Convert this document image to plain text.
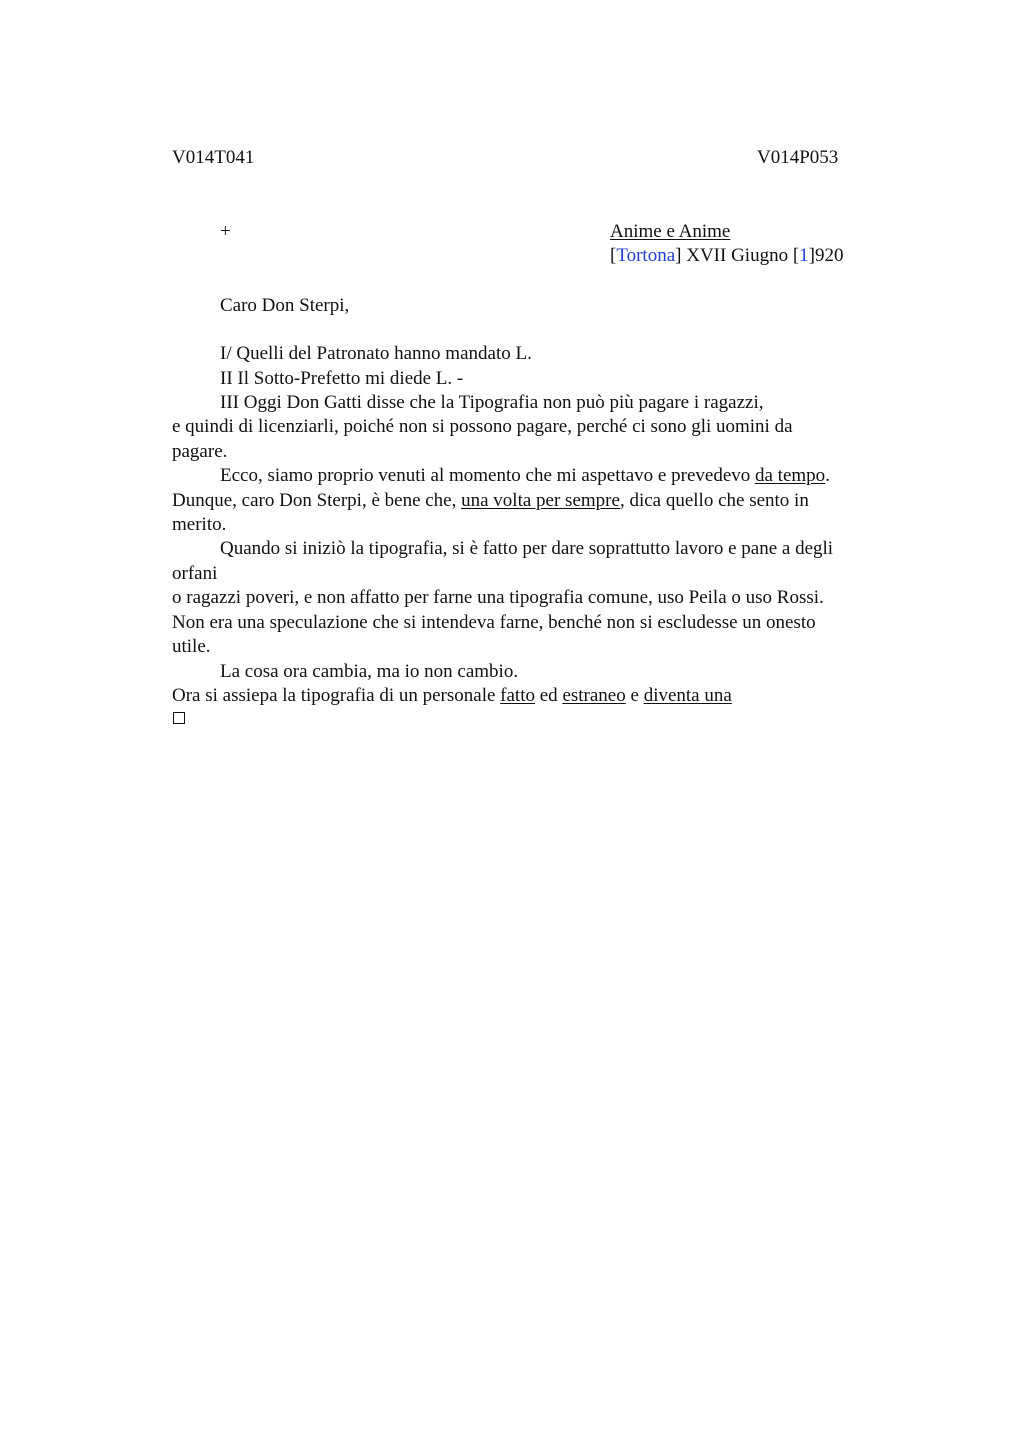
V014T041	V014P053
+	Anime e Anime
[Tortona] XVII Giugno [1]920
Caro Don Sterpi,
I/ Quelli del Patronato hanno mandato L.
II Il Sotto-Prefetto mi diede L. -
III Oggi Don Gatti disse che la Tipografia non può più pagare i ragazzi,
e quindi di licenziarli, poiché non si possono pagare, perché ci sono gli uomini da
pagare.
Ecco, siamo proprio venuti al momento che mi aspettavo e prevedevo da tempo.
Dunque, caro Don Sterpi, è bene che, una volta per sempre, dica quello che sento in
merito.
Quando si iniziò la tipografia, si è fatto per dare soprattutto lavoro e pane a degli
orfani
o ragazzi poveri, e non affatto per farne una tipografia comune, uso Peila o uso Rossi.
Non era una speculazione che si intendeva farne, benché non si escludesse un onesto
utile.
La cosa ora cambia, ma io non cambio.
Ora si assiepa la tipografia di un personale fatto ed estraneo e diventa una
